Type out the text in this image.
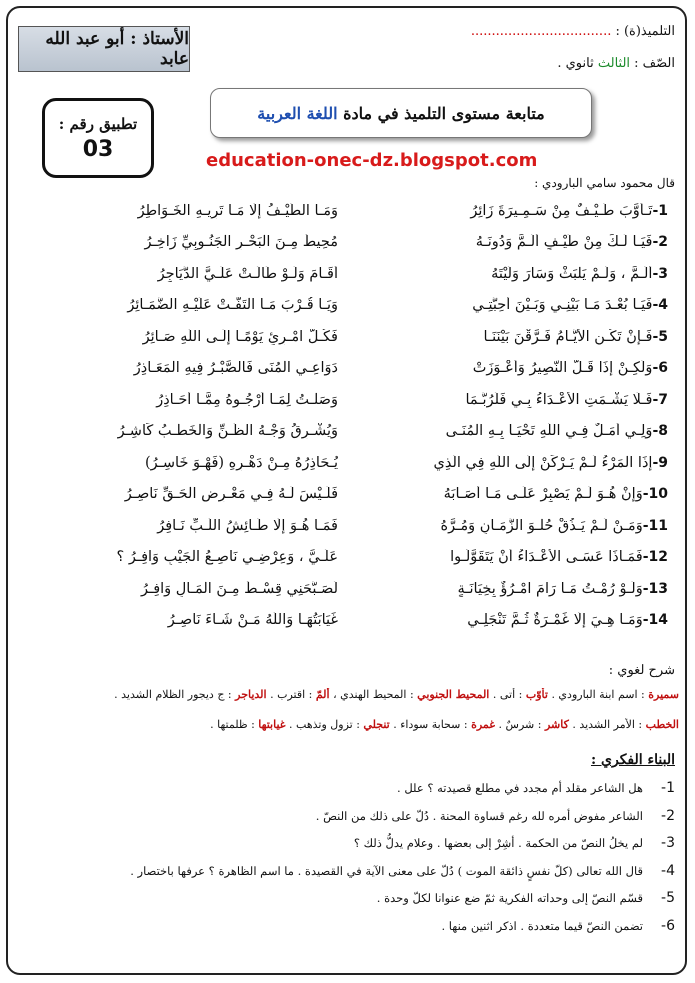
الأستاذ : أبو عبد الله عابد
التلميذ(ة) : ..................................
الصّف : الثالث ثانوي .
متابعة مستوى التلميذ في مادة

اللغة العربية
تطبيق رقم :
03	education-onec-dz.blogspot.com
قال محمود سامي البارودي :
1-تَـأَوَّبَ طَـيْـفٌ مِنْ سَـمِـيرَةَ زَائِرُ
وَمَـا الطَّيْـفُ إِلَّا مَـا تَرِيـهِ الْخَـوَاطِرُ
2-فَيَـا لَـكَ مِنْ طَيْـفٍ أَلَـمَّ وَدُونَـهُ
مُحِيطٌ مِـنَ الْبَحْـرِ الْجَنُـوبِيِّ زَاخِـرُ
3-أَلَـمَّ ، وَلَـمْ يَلْبَثْ وَسَارَ وَلَيْتَهُ
أَقَـامَ وَلَـوْ طَالَـتْ عَلَـيَّ الدَّيَاجِرُ
4-فَيَـا بُعْـدَ مَـا بَيْنِـي وَبَـيْنَ أَحِبَّتِـي
وَيَـا قُـرْبَ مَـا الْتَفَّـتْ عَلَيْـهِ الضَّمَـائِرُ
5-فَـإِنْ تَكُـنِ الْأَيَّـامُ فَـرَّقْنَ بَيْنَنَـا
فَكُـلُّ امْـرِئٍ يَوْمًـا إِلَـى اللَّهِ صَـائِرُ
6-وَلَكِـنْ إِذَا قَـلَّ النَّصِيرُ وَأَعْـوَزَتْ
دَوَاعِـي الْمُنَى فَالصَّبْـرُ فِيهِ الْمَعَـاذِرُ
7-فَـلَا يَشْـمَتِ الْأَعْـدَاءُ بِـي فَلَرُبَّـمَا
وَصَلْـتُ لِمَـا أَرْجُـوهُ مِمَّـا أُحَـاذِرُ
8-وَلِـي أَمَـلٌ فِـي اللَّهِ تَحْيَـا بِـهِ الْمُنَـى
وَيُشْـرِقُ وَجْـهُ الظَّـنِّ وَالْخَطْـبُ كَاشِـرُ
9-إِذَا الْمَرْءُ لَـمْ يَـرْكَنْ إِلَى اللَّهِ فِي الَّذِي
يُـحَاذِرُهُ مِـنْ دَهْـرِهِ (فَهْـوَ خَاسِـرُ)
10-وَإِنْ هُـوَ لَـمْ يَصْبِرْ عَلَـى مَـا أَصَـابَهُ
فَلَـيْسَ لَـهُ فِـي مَعْـرِضِ الْحَـقِّ نَاصِـرُ
11-وَمَـنْ لَـمْ يَـذُقْ حُلْـوَ الزَّمَـانِ وَمُـرَّهُ
فَمَـا هُـوَ إِلَّا طَـائِشُ اللُّـبِّ نَـافِرُ
12-فَمَـاذَا عَسَـى الْأَعْـدَاءُ أَنْ يَتَقَوَّلُـوا
عَلَـيَّ ، وَعِرْضِـي نَاصِـعُ الْجَيْبِ وَافِـرُ ؟
13-وَلَـوْ رُمْـتُ مَـا رَامَ امْـرُؤٌ بِخِيَانَـةٍ
لَصَـبَّحَنِي قِسْـطٌ مِـنَ الْمَـالِ وَافِـرُ
14-وَمَـا هِـيَ إِلَّا غَمْـرَةٌ ثُـمَّ تَنْجَلِـي
غَيَابَتُهَـا وَاللَّهُ مَـنْ شَـاءَ نَاصِـرُ
شرح لغوي :
سميرة : اسم ابنة البارودي . تأوّب : أتى . المحيط الجنوبي : المحيط الهندي ، ألمّ : اقترب . الدياجر : ج ديجور الظلام الشديد .
الخطب : الأمر الشديد . كاشر : شرسٌ . غمرة : سحابة سوداء . تنجلي : تزول وتذهب . غيابتها : ظلمتها .
البناء الفكري :
1-هل الشاعر مقلد أم مجدد في مطلع قصيدته ؟ علل .
2-الشاعر مفوض أمره لله رغم قساوة المحنة . دُلّ على ذلك من النصّ .
3-لم يخلُ النصّ من الحكمة . أشِرْ إلى بعضها . وعلام يدلُّ ذلك ؟
4-قال الله تعالى (كلّ نفسٍ ذائقة الموت ) دُلّ على معنى الآية في القصيدة . ما اسم الظاهرة ؟ عرفها باختصار .
5-قسّم النصّ إلى وحداته الفكرية ثمّ ضع عنوانا لكلّ وحدة .
6-تضمن النصّ قيما متعددة . اذكر اثنين منها .
